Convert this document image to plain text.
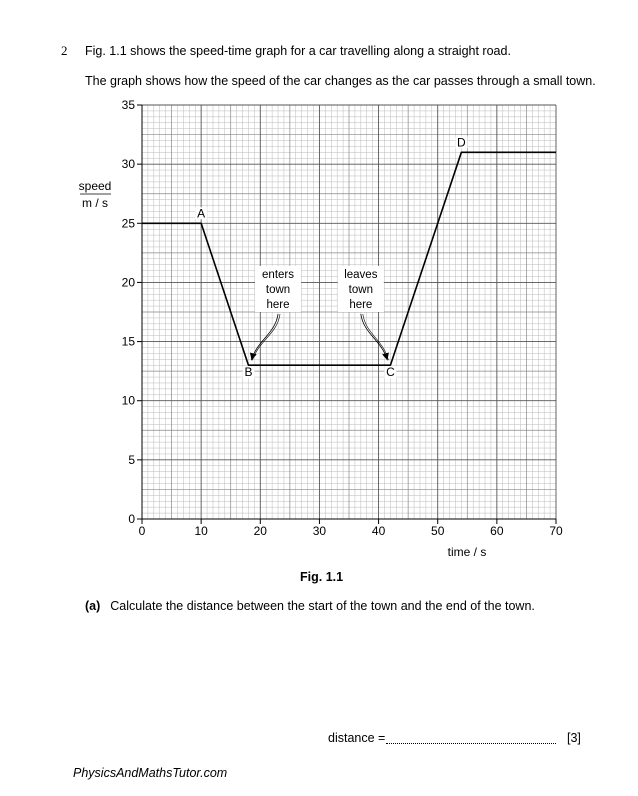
2 Fig. 1.1 shows the speed-time graph for a car travelling along a straight road.
The graph shows how the speed of the car changes as the car passes through a small town.
0	10	20	30	40	50	60	70
0
5
10
15
20
25
30
35
speed
m / s
time / s
enters
town
here
leaves
town
here
A
B	C
D
Fig. 1.1
(a) Calculate the distance between the start of the town and the end of the town.
distance =	[3]
PhysicsAndMathsTutor.com
